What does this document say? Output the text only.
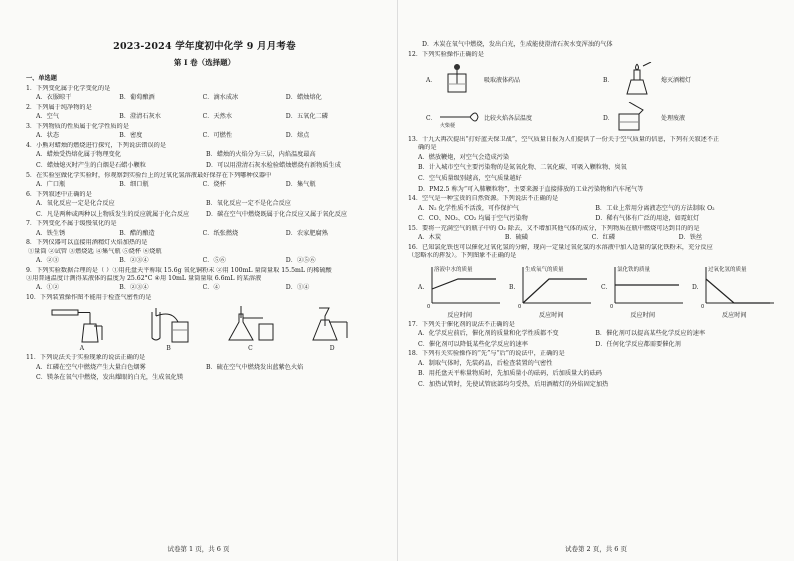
2023-2024 学年度初中化学 9 月月考卷
第 I 卷（选择题）
一、单选题
1．下列变化属于化学变化的是
A．衣服晾干	B．葡萄酿酒	C．滴水成冰	D．蜡烛熔化
2．下列属于纯净物的是
A．空气	B．澄清石灰水	C．天然水	D．五氧化二磷
3．下列物质的性质属于化学性质的是
A．状态	B．密度	C．可燃性	D．熔点
4．小熊对蜡烛的燃烧进行探究，下列说法错误的是
A．蜡烛受热熔化属于物理变化	B．蜡烛的火焰分为三层，内焰温度最高
C．蜡烛熄灭时产生的白烟是石蜡小颗粒	D．可以用澄清石灰水检验蜡烛燃烧有新物质生成
5．在实验室做化学实验时，你观察到实验台上的过氧化氢溶液最好保存在下列哪种仪器中
A．广口瓶	B．细口瓶	C．烧杯	D．集气瓶
6．下列叙述中正确的是
A．氧化反应一定是化合反应	B．氧化反应一定不是化合反应
C．凡是两种或两种以上物质发生的反应就属于化合反应	D．碳在空气中燃烧既属于化合反应又属于氧化反应
7．下列变化不属于缓慢氧化的是
A．铁生锈	B．醋的酿造	C．纸张燃烧	D．农家肥腐熟
8．下列仪器可以直接用酒精灯火焰加热的是
①量筒 ②试管 ③燃烧匙 ④集气瓶 ⑤烧杯 ⑥烧瓶
A．②③	B．②③④	C．⑤⑥	D．②⑤⑥
9．下列实验数据合理的是（ ）①用托盘天平称取 15.6g 氧化铜粉末 ②用 100mL 量筒量取 15.5mL 的稀硫酸
③用普通温度计测得某液体的温度为 25.62°C ④用 10mL 量筒量取 6.6mL 的某溶液
A．①②	B．②③④	C．④	D．①④
10．下列装置操作图不能用于检查气密性的是
A	B	C	D
11．下列说法关于实验现象的说法正确的是
A．红磷在空气中燃烧产生大量白色烟雾	B．硫在空气中燃烧发出蓝紫色火焰
C．镁条在氧气中燃烧，发出耀眼的白光，生成氧化镁
试卷第 1 页，共 6 页
D．木炭在氧气中燃烧，发出白光，生成能使澄清石灰水变浑浊的气体
12．下列实验操作正确的是
A．	吸取液体药品	B．	熄灭酒精灯
C．
火柴梗
比较火焰各层温度	D．	处理废液
13．十九大再次提出“打好蓝天保卫战”，空气质量日报为人们提供了一份关于空气质量的信息，下列有关叙述不正
确的是
A．燃放鞭炮，对空气会造成污染
B．计入城市空气主要污染物的是氮氧化物、二氧化碳、可吸入颗粒物、臭氧
C．空气质量级别越高，空气质量越好
D．PM2.5 称为“可入肺颗粒物”，主要来源于直接排放的工业污染物和汽车尾气等
14．空气是一种宝贵的自然资源。下列说法不正确的是
A．N₂ 化学性质不活泼，可作保护气	B．工业上常用分离液态空气的方法制取 O₂
C．CO、NO₂、CO₂ 均属于空气污染物	D．稀有气体有广泛的用途，如霓虹灯
15．要将一充满空气的瓶子中的 O₂ 除去，又不增加其他气体的成分，下列物质在瓶中燃烧可达到目的的是
A．木炭	B．硫磺	C．红磷	D．铁丝
16．已知氯化铁也可以催化过氧化氢的分解，现向一定量过氧化氢的水溶液中加入适量的氯化铁粉末，充分反应
（忽略水的挥发）。下列图象不正确的是
A.
溶液中水的质量
0
反应时间
B.
生成氧气的质量
0
反应时间
C.
氯化铁的质量
0
反应时间
D.
过氧化氢的质量
0
反应时间
17．下列关于催化剂的说法不正确的是
A．化学反应前后，催化剂的质量和化学性质都不变	B．催化剂可以提高某些化学反应的速率
C．催化剂可以降低某些化学反应的速率	D．任何化学反应都需要催化剂
18．下列有关实验操作的“先”与“后”的说法中，正确的是
A．制取气体时，先装药品，后检查装置的气密性
B．用托盘天平称量物质时，先加质量小的砝码，后加质量大的砝码
C．加热试管时，先使试管底部均匀受热，后用酒精灯的外焰固定加热
试卷第 2 页，共 6 页
